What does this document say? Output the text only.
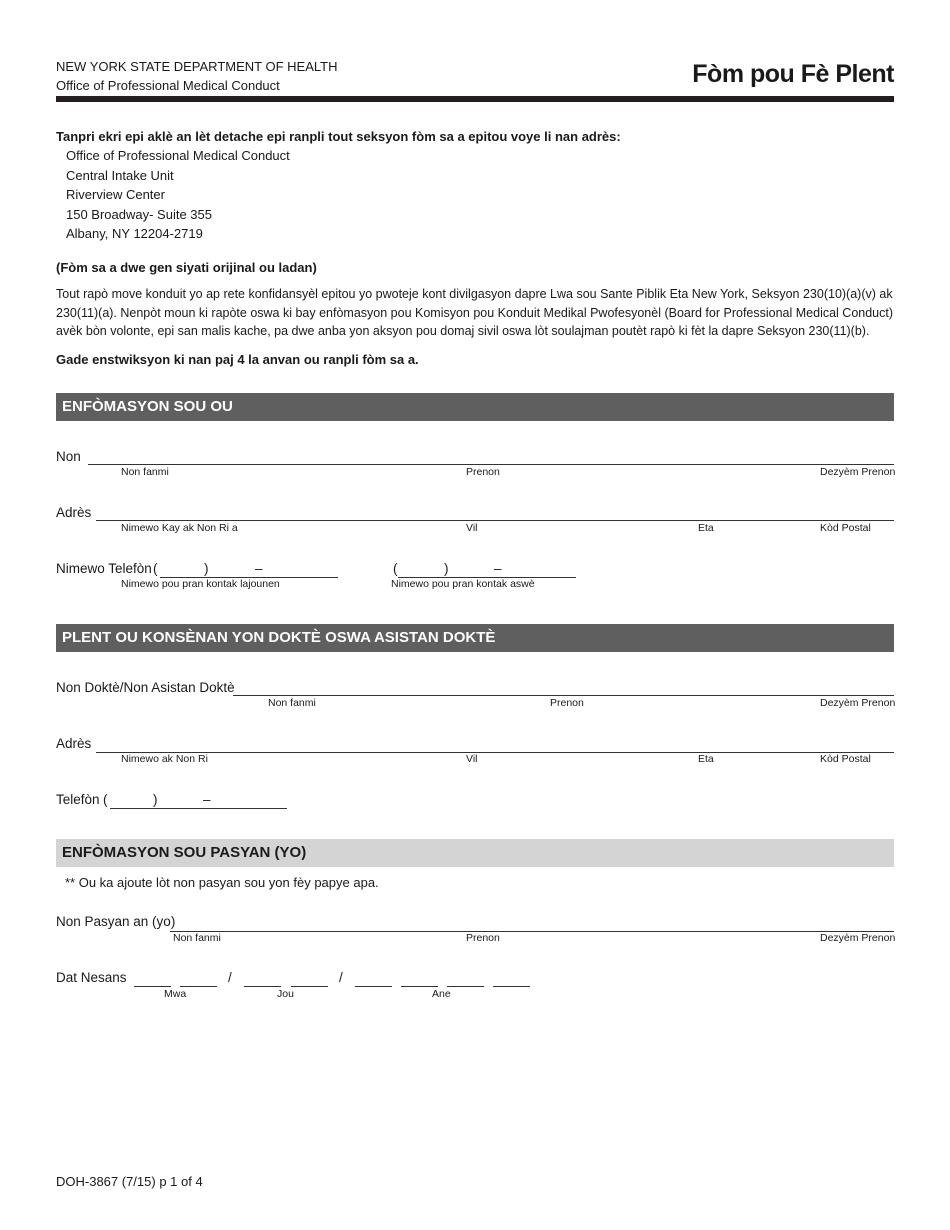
NEW YORK STATE DEPARTMENT OF HEALTH
Office of Professional Medical Conduct	Fòm pou Fè Plent
Tanpri ekri epi aklè an lèt detache epi ranpli tout seksyon fòm sa a epitou voye li nan adrès:
Office of Professional Medical Conduct
Central Intake Unit
Riverview Center
150 Broadway- Suite 355
Albany, NY 12204-2719
(Fòm sa a dwe gen siyati orijinal ou ladan)
Tout rapò move konduit yo ap rete konfidansyèl epitou yo pwoteje kont divilgasyon dapre Lwa sou Sante Piblik Eta New York, Seksyon 230(10)(a)(v) ak 230(11)(a). Nenpòt moun ki rapòte oswa ki bay enfòmasyon pou Komisyon pou Konduit Medikal Pwofesyonèl (Board for Professional Medical Conduct) avèk bòn volonte, epi san malis kache, pa dwe anba yon aksyon pou domaj sivil oswa lòt soulajman poutèt rapò ki fèt la dapre Seksyon 230(11)(b).
Gade enstwiksyon ki nan paj 4 la anvan ou ranpli fòm sa a.
ENFÒMASYON SOU OU
Non
Non fanmi	Prenon	Dezyèm Prenon
Adrès
Nimewo Kay ak Non Ri a	Vil	Eta	Kòd Postal
Nimewo Telefòn (	)	–
Nimewo pou pran kontak lajounen
(	)	–
Nimewo pou pran kontak aswè
PLENT OU KONSÈNAN YON DOKTÈ OSWA ASISTAN DOKTÈ
Non Doktè/Non Asistan Doktè
Non fanmi	Prenon	Dezyèm Prenon
Adrès
Nimewo ak Non Ri	Vil	Eta	Kòd Postal
Telefòn (	)	–
ENFÒMASYON SOU PASYAN (YO)
** Ou ka ajoute lòt non pasyan sou yon fèy papye apa.
Non Pasyan an (yo)
Non fanmi	Prenon	Dezyèm Prenon
Dat Nesans	/	/
Mwa	Jou	Ane
DOH-3867 (7/15) p 1 of 4
